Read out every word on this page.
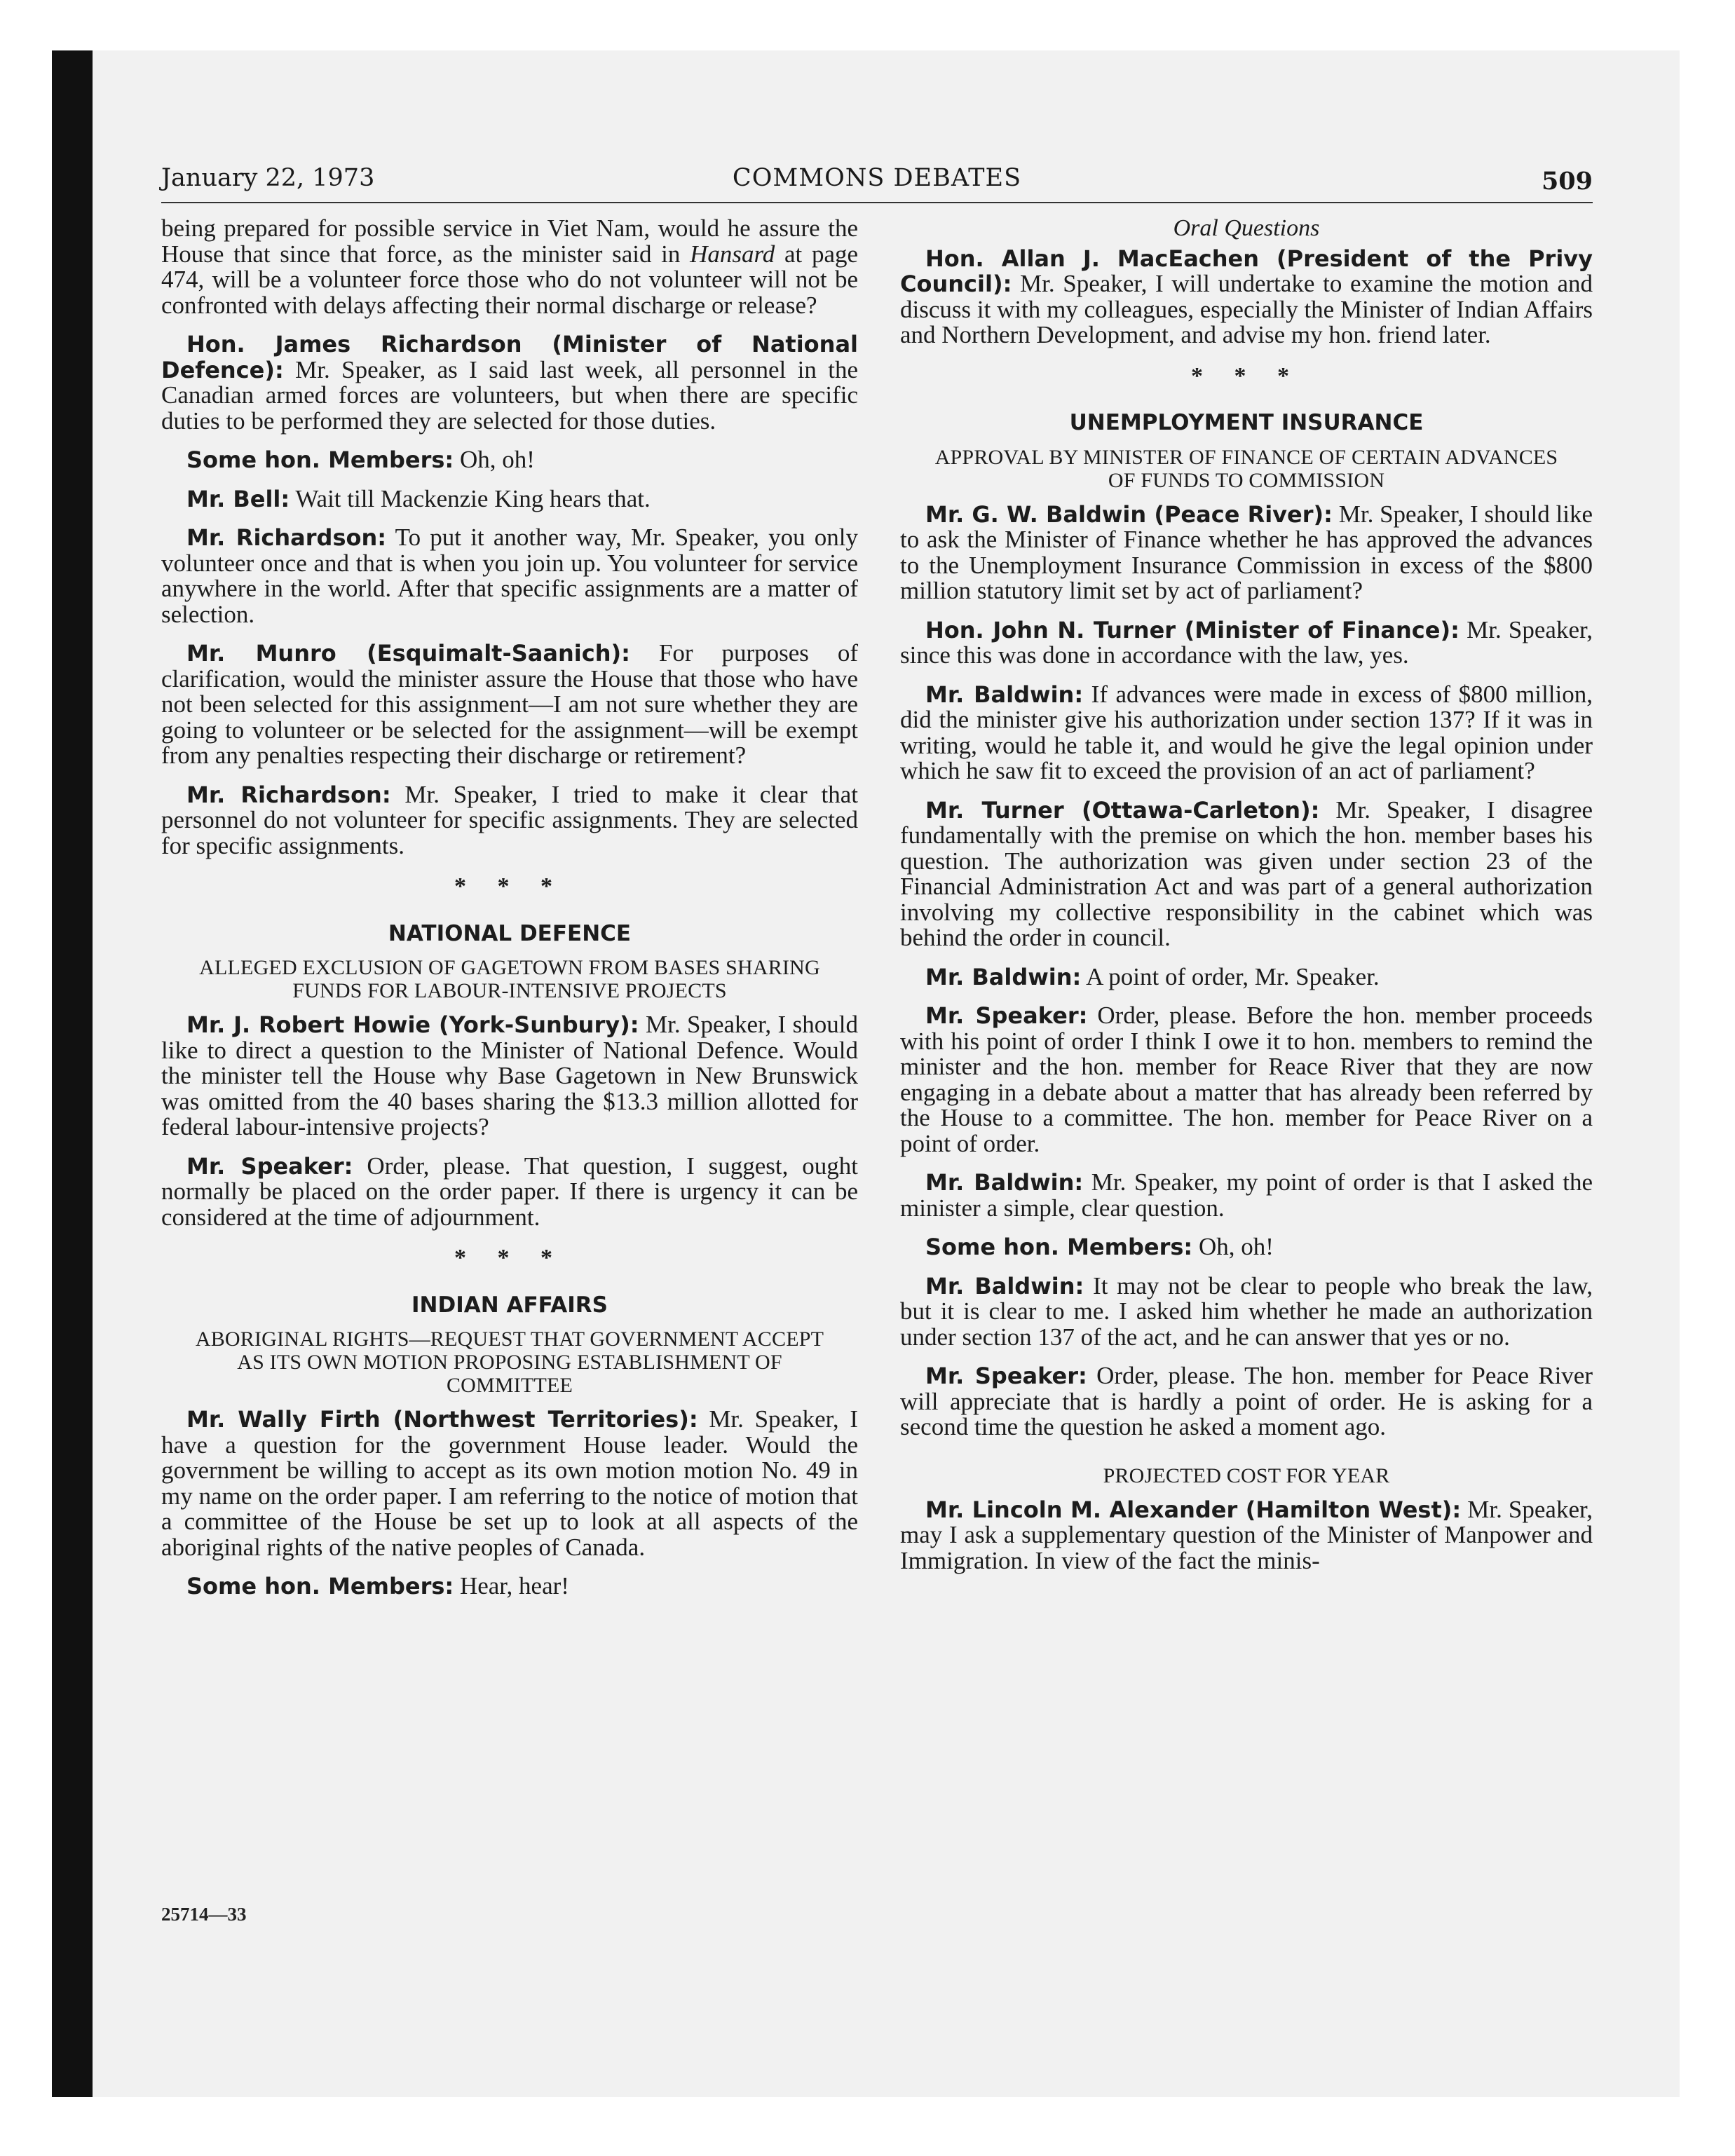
January 22, 1973	COMMONS DEBATES	509

being prepared for possible service in Viet Nam, would he assure the House that since that force, as the minister said in Hansard at page 474, will be a volunteer force those who do not volunteer will not be confronted with delays affecting their normal discharge or release?

Hon. James Richardson (Minister of National Defence): Mr. Speaker, as I said last week, all personnel in the Canadian armed forces are volunteers, but when there are specific duties to be performed they are selected for those duties.

Some hon. Members: Oh, oh!

Mr. Bell: Wait till Mackenzie King hears that.

Mr. Richardson: To put it another way, Mr. Speaker, you only volunteer once and that is when you join up. You volunteer for service anywhere in the world. After that specific assignments are a matter of selection.

Mr. Munro (Esquimalt-Saanich): For purposes of clarification, would the minister assure the House that those who have not been selected for this assignment—I am not sure whether they are going to volunteer or be selected for the assignment—will be exempt from any penalties respecting their discharge or retirement?

Mr. Richardson: Mr. Speaker, I tried to make it clear that personnel do not volunteer for specific assignments. They are selected for specific assignments.

* * *
NATIONAL DEFENCE
ALLEGED EXCLUSION OF GAGETOWN FROM BASES SHARING FUNDS FOR LABOUR-INTENSIVE PROJECTS

Mr. J. Robert Howie (York-Sunbury): Mr. Speaker, I should like to direct a question to the Minister of National Defence. Would the minister tell the House why Base Gagetown in New Brunswick was omitted from the 40 bases sharing the $13.3 million allotted for federal labour-intensive projects?

Mr. Speaker: Order, please. That question, I suggest, ought normally be placed on the order paper. If there is urgency it can be considered at the time of adjournment.

* * *
INDIAN AFFAIRS
ABORIGINAL RIGHTS—REQUEST THAT GOVERNMENT ACCEPT AS ITS OWN MOTION PROPOSING ESTABLISHMENT OF COMMITTEE

Mr. Wally Firth (Northwest Territories): Mr. Speaker, I have a question for the government House leader. Would the government be willing to accept as its own motion motion No. 49 in my name on the order paper. I am referring to the notice of motion that a committee of the House be set up to look at all aspects of the aboriginal rights of the native peoples of Canada.

Some hon. Members: Hear, hear!

25714—33
Oral Questions

Hon. Allan J. MacEachen (President of the Privy Council): Mr. Speaker, I will undertake to examine the motion and discuss it with my colleagues, especially the Minister of Indian Affairs and Northern Development, and advise my hon. friend later.

* * *
UNEMPLOYMENT INSURANCE
APPROVAL BY MINISTER OF FINANCE OF CERTAIN ADVANCES OF FUNDS TO COMMISSION

Mr. G. W. Baldwin (Peace River): Mr. Speaker, I should like to ask the Minister of Finance whether he has approved the advances to the Unemployment Insurance Commission in excess of the $800 million statutory limit set by act of parliament?

Hon. John N. Turner (Minister of Finance): Mr. Speaker, since this was done in accordance with the law, yes.

Mr. Baldwin: If advances were made in excess of $800 million, did the minister give his authorization under section 137? If it was in writing, would he table it, and would he give the legal opinion under which he saw fit to exceed the provision of an act of parliament?

Mr. Turner (Ottawa-Carleton): Mr. Speaker, I disagree fundamentally with the premise on which the hon. member bases his question. The authorization was given under section 23 of the Financial Administration Act and was part of a general authorization involving my collective responsibility in the cabinet which was behind the order in council.

Mr. Baldwin: A point of order, Mr. Speaker.

Mr. Speaker: Order, please. Before the hon. member proceeds with his point of order I think I owe it to hon. members to remind the minister and the hon. member for Reace River that they are now engaging in a debate about a matter that has already been referred by the House to a committee. The hon. member for Peace River on a point of order.

Mr. Baldwin: Mr. Speaker, my point of order is that I asked the minister a simple, clear question.

Some hon. Members: Oh, oh!

Mr. Baldwin: It may not be clear to people who break the law, but it is clear to me. I asked him whether he made an authorization under section 137 of the act, and he can answer that yes or no.

Mr. Speaker: Order, please. The hon. member for Peace River will appreciate that is hardly a point of order. He is asking for a second time the question he asked a moment ago.

PROJECTED COST FOR YEAR

Mr. Lincoln M. Alexander (Hamilton West): Mr. Speaker, may I ask a supplementary question of the Minister of Manpower and Immigration. In view of the fact the minis-
